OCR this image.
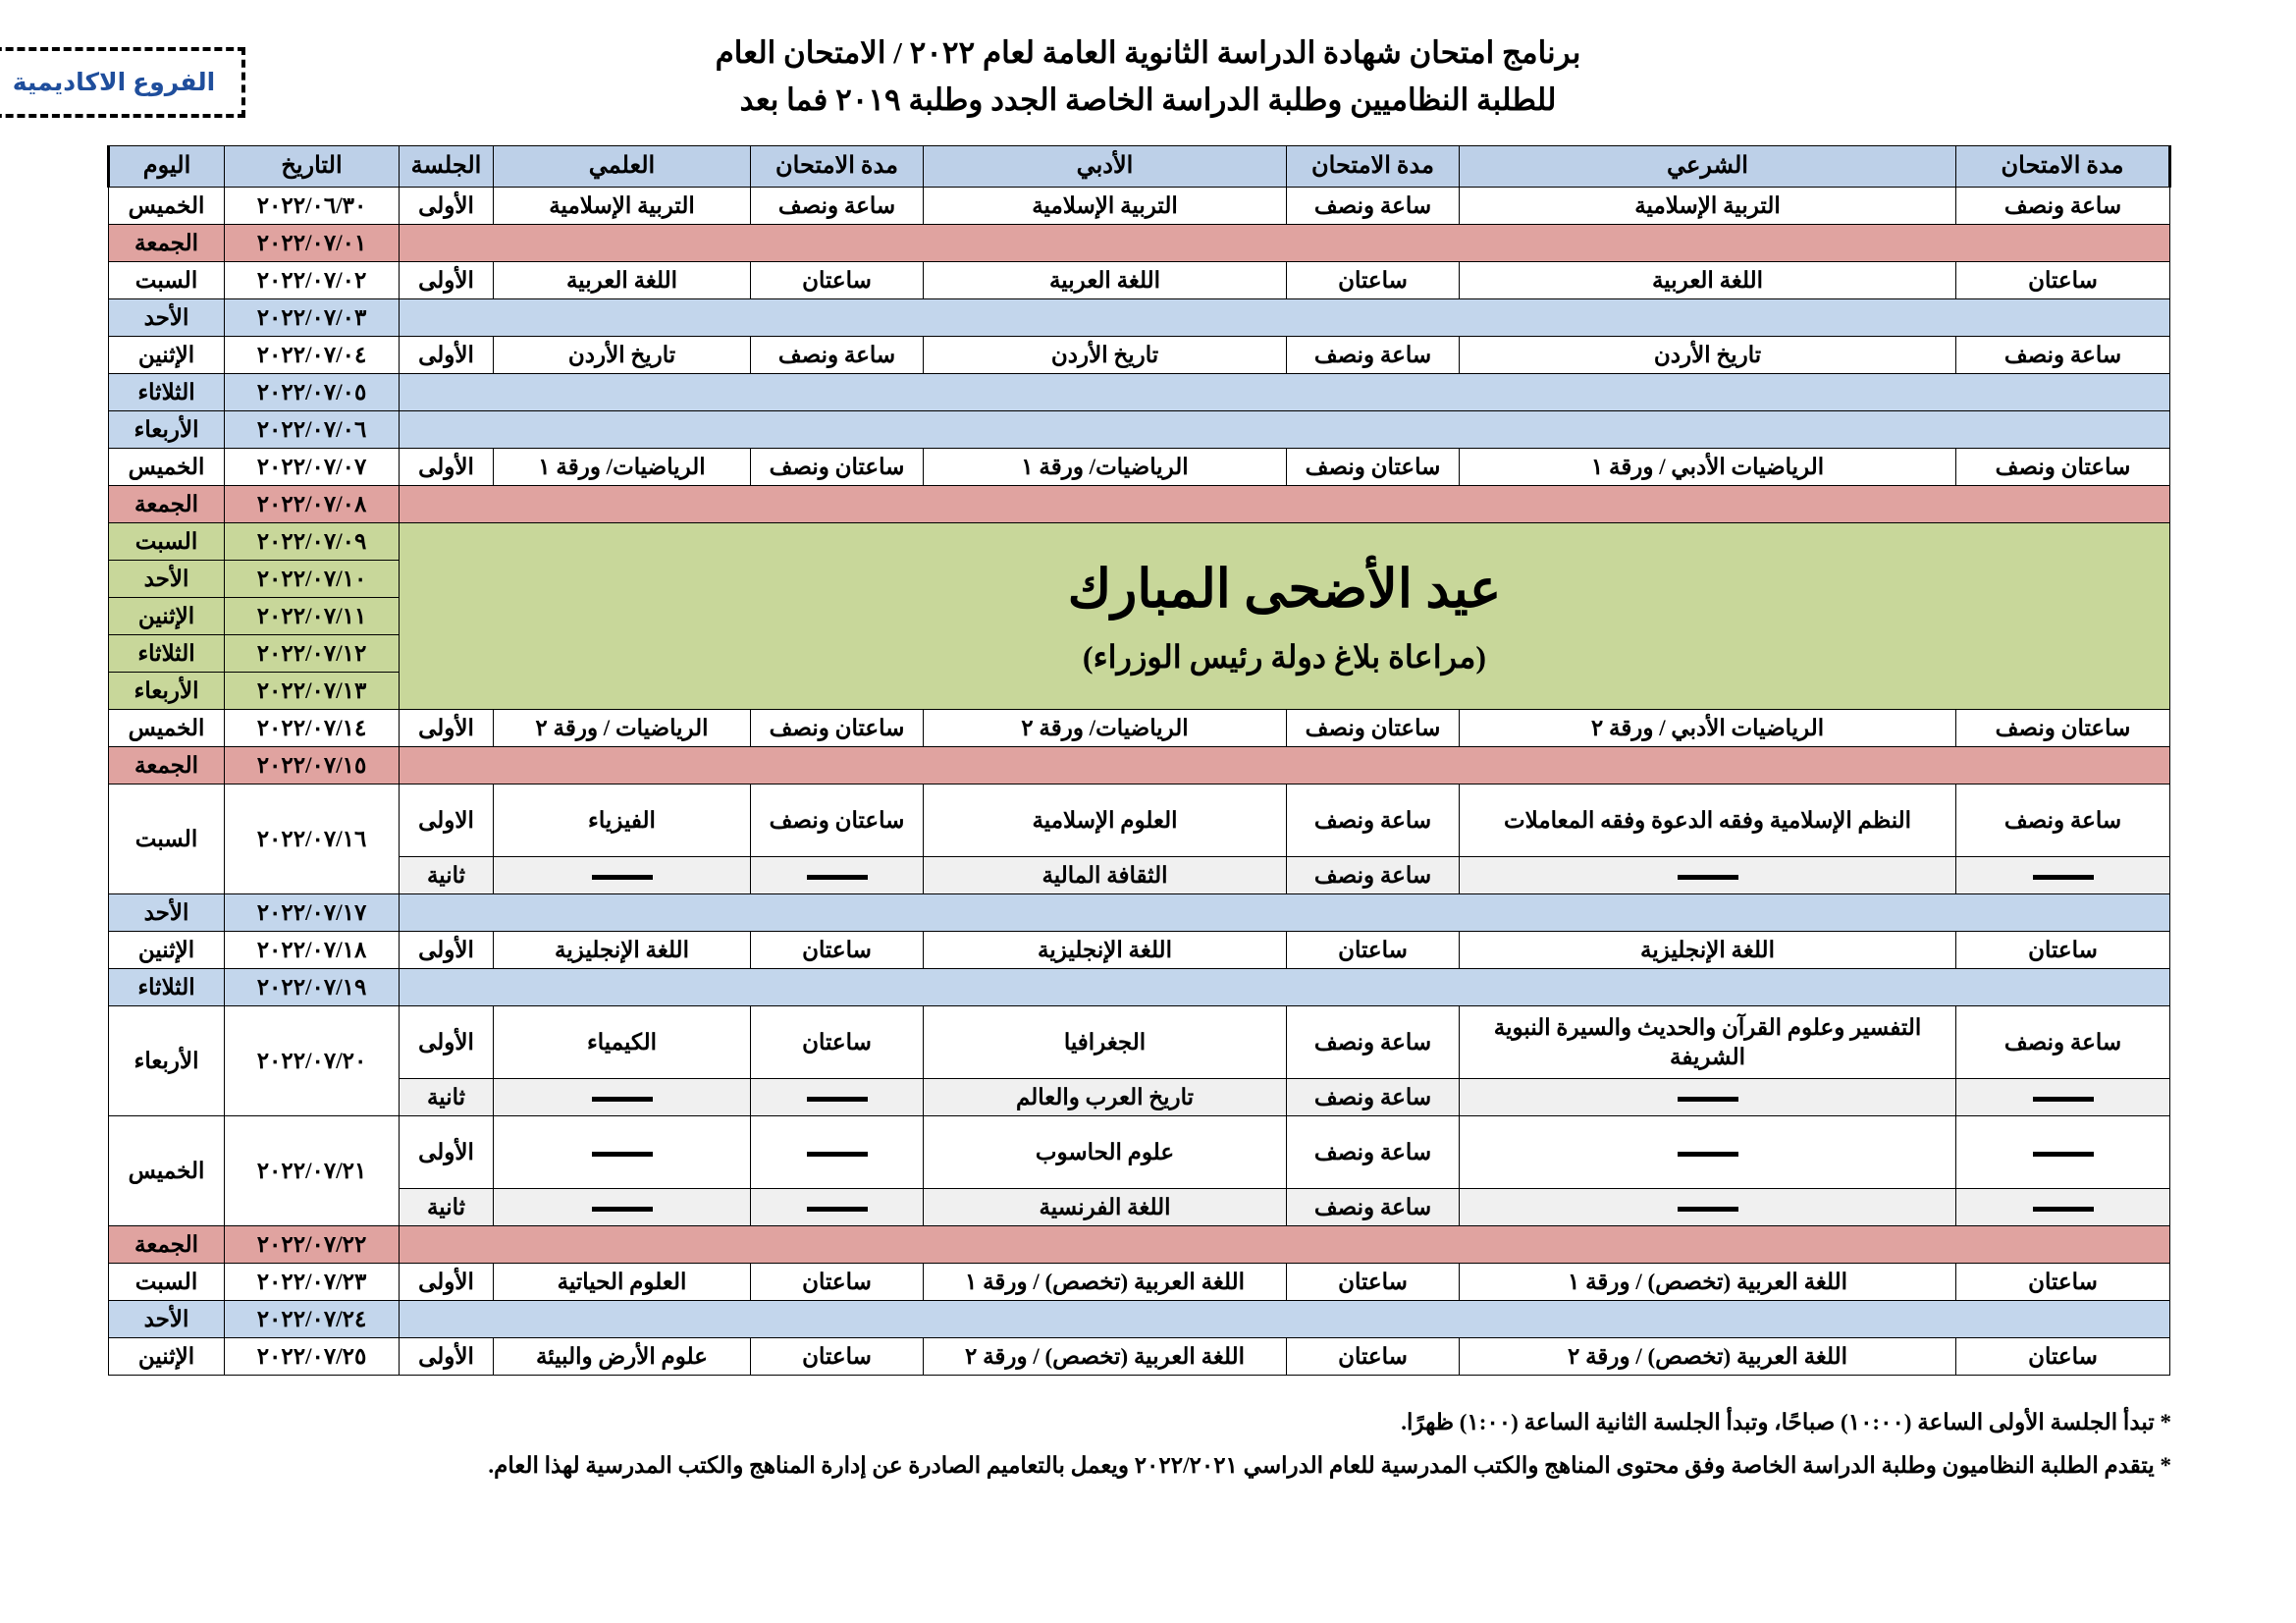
الفروع الاكاديمية
برنامج امتحان شهادة الدراسة الثانوية العامة لعام ٢٠٢٢ / الامتحان العام
للطلبة النظاميين وطلبة الدراسة الخاصة الجدد وطلبة ٢٠١٩ فما بعد
مدة الامتحان	الشرعي	مدة الامتحان	الأدبي	مدة الامتحان	العلمي	الجلسة	التاريخ	اليوم
ساعة ونصف	التربية الإسلامية	ساعة ونصف	التربية الإسلامية	ساعة ونصف	التربية الإسلامية	الأولى	٢٠٢٢/٠٦/٣٠	الخميس
							٢٠٢٢/٠٧/٠١	الجمعة
ساعتان	اللغة العربية	ساعتان	اللغة العربية	ساعتان	اللغة العربية	الأولى	٢٠٢٢/٠٧/٠٢	السبت
							٢٠٢٢/٠٧/٠٣	الأحد
ساعة ونصف	تاريخ الأردن	ساعة ونصف	تاريخ الأردن	ساعة ونصف	تاريخ الأردن	الأولى	٢٠٢٢/٠٧/٠٤	الإثنين
							٢٠٢٢/٠٧/٠٥	الثلاثاء
							٢٠٢٢/٠٧/٠٦	الأربعاء
ساعتان ونصف	الرياضيات الأدبي / ورقة ١	ساعتان ونصف	الرياضيات/ ورقة ١	ساعتان ونصف	الرياضيات/ ورقة ١	الأولى	٢٠٢٢/٠٧/٠٧	الخميس
							٢٠٢٢/٠٧/٠٨	الجمعة
عيد الأضحى المبارك
(مراعاة بلاغ دولة رئيس الوزراء)							٢٠٢٢/٠٧/٠٩	السبت
							٢٠٢٢/٠٧/١٠	الأحد
							٢٠٢٢/٠٧/١١	الإثنين
							٢٠٢٢/٠٧/١٢	الثلاثاء
							٢٠٢٢/٠٧/١٣	الأربعاء
ساعتان ونصف	الرياضيات الأدبي / ورقة ٢	ساعتان ونصف	الرياضيات/ ورقة ٢	ساعتان ونصف	الرياضيات / ورقة ٢	الأولى	٢٠٢٢/٠٧/١٤	الخميس
							٢٠٢٢/٠٧/١٥	الجمعة
ساعة ونصف	النظم الإسلامية وفقه الدعوة وفقه المعاملات	ساعة ونصف	العلوم الإسلامية	ساعتان ونصف	الفيزياء	الاولى	٢٠٢٢/٠٧/١٦	السبت
		ساعة ونصف	الثقافة المالية			ثانية		
							٢٠٢٢/٠٧/١٧	الأحد
ساعتان	اللغة الإنجليزية	ساعتان	اللغة الإنجليزية	ساعتان	اللغة الإنجليزية	الأولى	٢٠٢٢/٠٧/١٨	الإثنين
							٢٠٢٢/٠٧/١٩	الثلاثاء
ساعة ونصف	التفسير وعلوم القرآن والحديث والسيرة النبوية الشريفة	ساعة ونصف	الجغرافيا	ساعتان	الكيمياء	الأولى	٢٠٢٢/٠٧/٢٠	الأربعاء
		ساعة ونصف	تاريخ العرب والعالم			ثانية		
		ساعة ونصف	علوم الحاسوب			الأولى	٢٠٢٢/٠٧/٢١	الخميس
		ساعة ونصف	اللغة الفرنسية			ثانية		
							٢٠٢٢/٠٧/٢٢	الجمعة
ساعتان	اللغة العربية (تخصص) / ورقة ١	ساعتان	اللغة العربية (تخصص) / ورقة ١	ساعتان	العلوم الحياتية	الأولى	٢٠٢٢/٠٧/٢٣	السبت
							٢٠٢٢/٠٧/٢٤	الأحد
ساعتان	اللغة العربية (تخصص) / ورقة ٢	ساعتان	اللغة العربية (تخصص) / ورقة ٢	ساعتان	علوم الأرض والبيئة	الأولى	٢٠٢٢/٠٧/٢٥	الإثنين
* تبدأ الجلسة الأولى الساعة (١٠:٠٠) صباحًا، وتبدأ الجلسة الثانية الساعة (١:٠٠) ظهرًا.
* يتقدم الطلبة النظاميون وطلبة الدراسة الخاصة وفق محتوى المناهج والكتب المدرسية للعام الدراسي ٢٠٢٢/٢٠٢١ ويعمل بالتعاميم الصادرة عن إدارة المناهج والكتب المدرسية لهذا العام.
